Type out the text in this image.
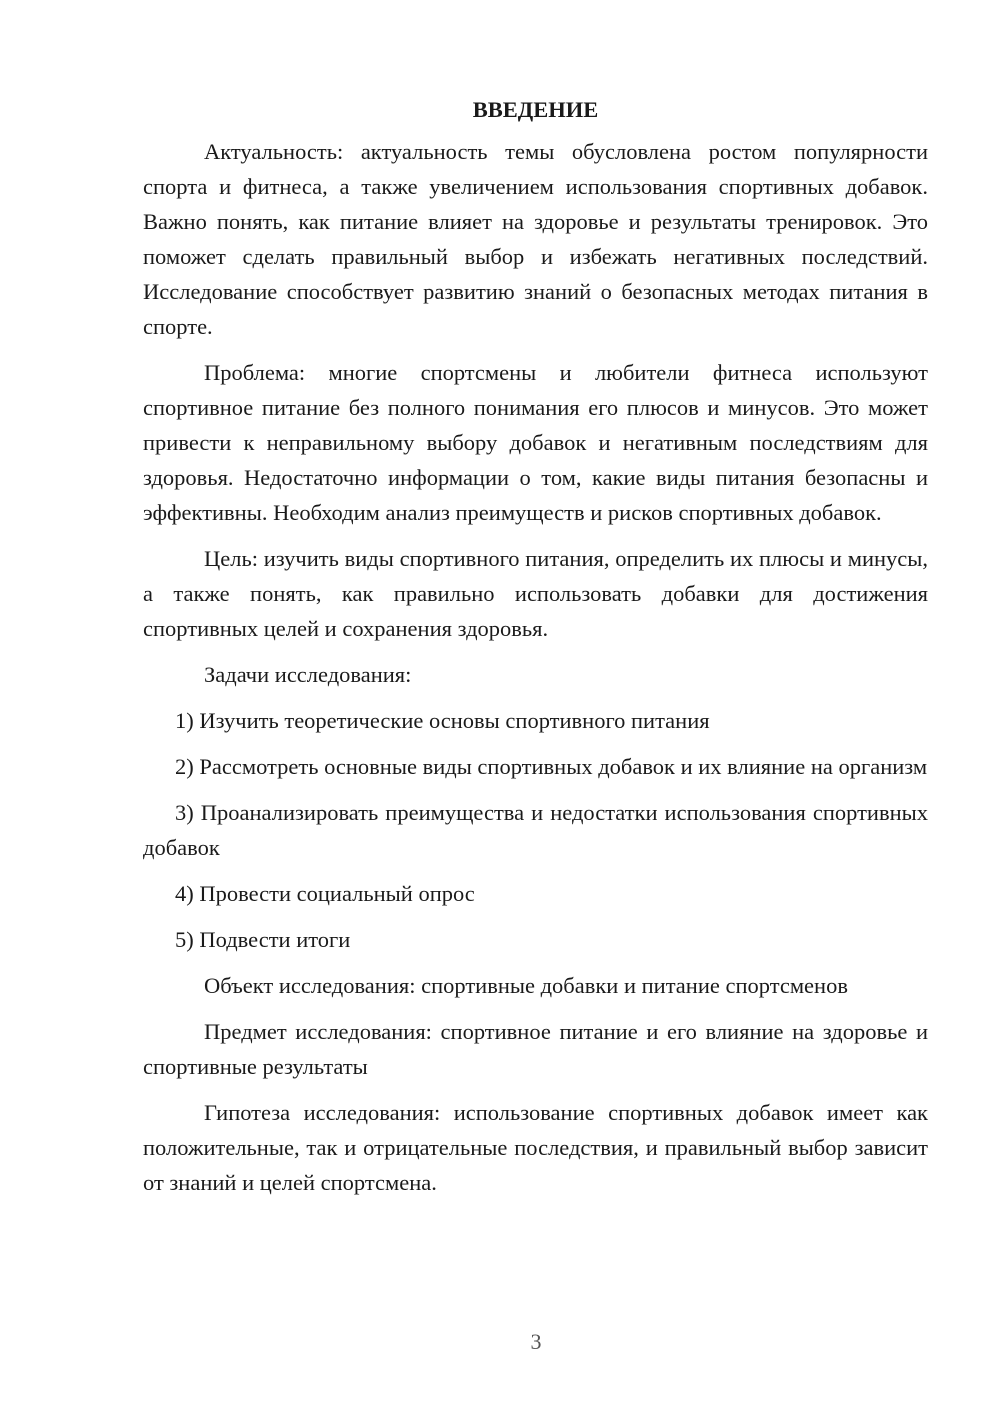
ВВЕДЕНИЕ

Актуальность: актуальность темы обусловлена ростом популярности спорта и фитнеса, а также увеличением использования спортивных добавок. Важно понять, как питание влияет на здоровье и результаты тренировок. Это поможет сделать правильный выбор и избежать негативных последствий. Исследование способствует развитию знаний о безопасных методах питания в спорте.

Проблема: многие спортсмены и любители фитнеса используют спортивное питание без полного понимания его плюсов и минусов. Это может привести к неправильному выбору добавок и негативным последствиям для здоровья. Недостаточно информации о том, какие виды питания безопасны и эффективны. Необходим анализ преимуществ и рисков спортивных добавок.

Цель: изучить виды спортивного питания, определить их плюсы и минусы, а также понять, как правильно использовать добавки для достижения спортивных целей и сохранения здоровья.

Задачи исследования:

1) Изучить теоретические основы спортивного питания

2) Рассмотреть основные виды спортивных добавок и их влияние на организм

3) Проанализировать преимущества и недостатки использования спортивных добавок

4) Провести социальный опрос

5) Подвести итоги

Объект исследования: спортивные добавки и питание спортсменов

Предмет исследования: спортивное питание и его влияние на здоровье и спортивные результаты

Гипотеза исследования: использование спортивных добавок имеет как положительные, так и отрицательные последствия, и правильный выбор зависит от знаний и целей спортсмена.

3
